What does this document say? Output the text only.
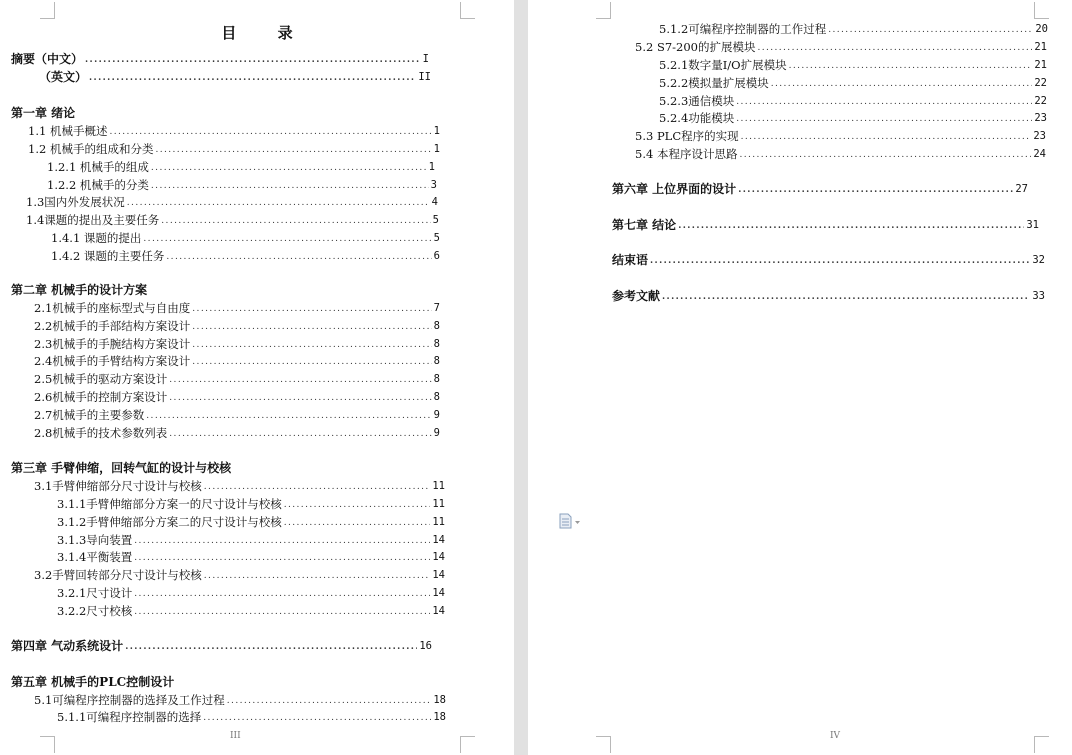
目 录
摘要（中文） .....	I
（英文） .....	II
第一章 绪论
1.1 机械手概述 .....	1
1.2 机械手的组成和分类 .....	1
1.2.1 机械手的组成 .....	1
1.2.2 机械手的分类 .....	3
1.3国内外发展状况 .....	4
1.4课题的提出及主要任务 .....	5
1.4.1 课题的提出 .....	5
1.4.2 课题的主要任务 .....	6
第二章 机械手的设计方案
2.1机械手的座标型式与自由度 .....	7
2.2机械手的手部结构方案设计 .....	8
2.3机械手的手腕结构方案设计 .....	8
2.4机械手的手臂结构方案设计 .....	8
2.5机械手的驱动方案设计 .....	8
2.6机械手的控制方案设计 .....	8
2.7机械手的主要参数 .....	9
2.8机械手的技术参数列表 .....	9
第三章 手臂伸缩，回转气缸的设计与校核
3.1手臂伸缩部分尺寸设计与校核 .....	11
3.1.1手臂伸缩部分方案一的尺寸设计与校核 .....	11
3.1.2手臂伸缩部分方案二的尺寸设计与校核 .....	11
3.1.3导向装置 .....	14
3.1.4平衡装置 .....	14
3.2手臂回转部分尺寸设计与校核 .....	14
3.2.1尺寸设计 .....	14
3.2.2尺寸校核 .....	14
第四章 气动系统设计 .....	16
第五章 机械手的PLC控制设计
5.1可编程序控制器的选择及工作过程 .....	18
5.1.1可编程序控制器的选择 .....	18
III
5.1.2可编程序控制器的工作过程 .....	20
5.2 S7-200的扩展模块 .....	21
5.2.1数字量I/O扩展模块 .....	21
5.2.2模拟量扩展模块 .....	22
5.2.3通信模块 .....	22
5.2.4功能模块 .....	23
5.3 PLC程序的实现 .....	23
5.4 本程序设计思路 .....	24
第六章 上位界面的设计 .....	27
第七章 结论 .....	31
结束语 .....	32
参考文献 .....	33
IV
